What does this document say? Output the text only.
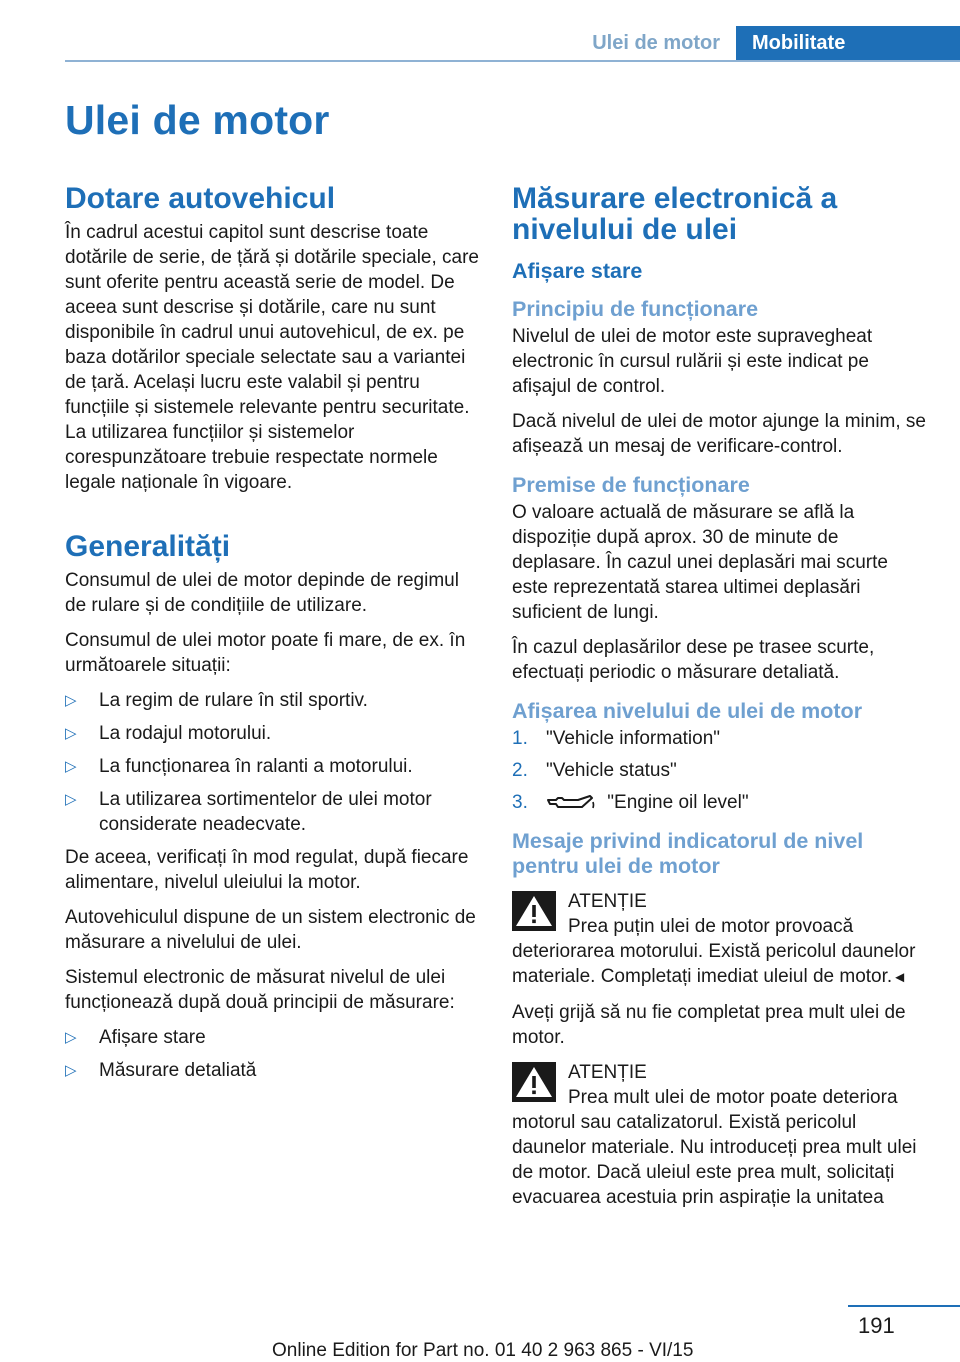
Ulei de motor	Mobilitate
Ulei de motor
Dotare autovehicul

În cadrul acestui capitol sunt descrise toate dotările de serie, de țără și dotările speciale, care sunt oferite pentru această serie de model. De aceea sunt descrise și dotările, care nu sunt disponibile în cadrul unui autovehicul, de ex. pe baza dotărilor speciale selectate sau a variantei de țară. Același lucru este valabil și pentru funcțiile și sistemele relevante pentru securitate. La utilizarea funcțiilor și sistemelor corespunzătoare trebuie respectate normele legale naționale în vigoare.

Generalități

Consumul de ulei de motor depinde de regimul de rulare și de condițiile de utilizare.

Consumul de ulei motor poate fi mare, de ex. în următoarele situații:

▷ La regim de rulare în stil sportiv.
▷ La rodajul motorului.
▷ La funcționarea în ralanti a motorului.
▷ La utilizarea sortimentelor de ulei motor considerate neadecvate.

De aceea, verificați în mod regulat, după fiecare alimentare, nivelul uleiului la motor.

Autovehiculul dispune de un sistem electronic de măsurare a nivelului de ulei.

Sistemul electronic de măsurat nivelul de ulei funcționează după două principii de măsurare:

▷ Afișare stare
▷ Măsurare detaliată
Măsurare electronică a nivelului de ulei
Afișare stare
Principiu de funcționare

Nivelul de ulei de motor este supravegheat electronic în cursul rulării și este indicat pe afișajul de control.

Dacă nivelul de ulei de motor ajunge la minim, se afișează un mesaj de verificare-control.

Premise de funcționare

O valoare actuală de măsurare se află la dispoziție după aprox. 30 de minute de deplasare. În cazul unei deplasări mai scurte este reprezentată starea ultimei deplasări suficient de lungi.

În cazul deplasărilor dese pe trasee scurte, efectuați periodic o măsurare detaliată.

Afișarea nivelului de ulei de motor
1. "Vehicle information"
2. "Vehicle status"
3.	"Engine oil level"
Mesaje privind indicatorul de nivel pentru ulei de motor

ATENȚIE

Prea puțin ulei de motor provoacă deteriorarea motorului. Există pericolul daunelor materiale. Completați imediat uleiul de motor.◄

Aveți grijă să nu fie completat prea mult ulei de motor.

ATENȚIE

Prea mult ulei de motor poate deteriora motorul sau catalizatorul. Există pericolul daunelor materiale. Nu introduceți prea mult ulei de motor. Dacă uleiul este prea mult, solicitați evacuarea acestuia prin aspirație la unitatea

191
Online Edition for Part no. 01 40 2 963 865 - VI/15
